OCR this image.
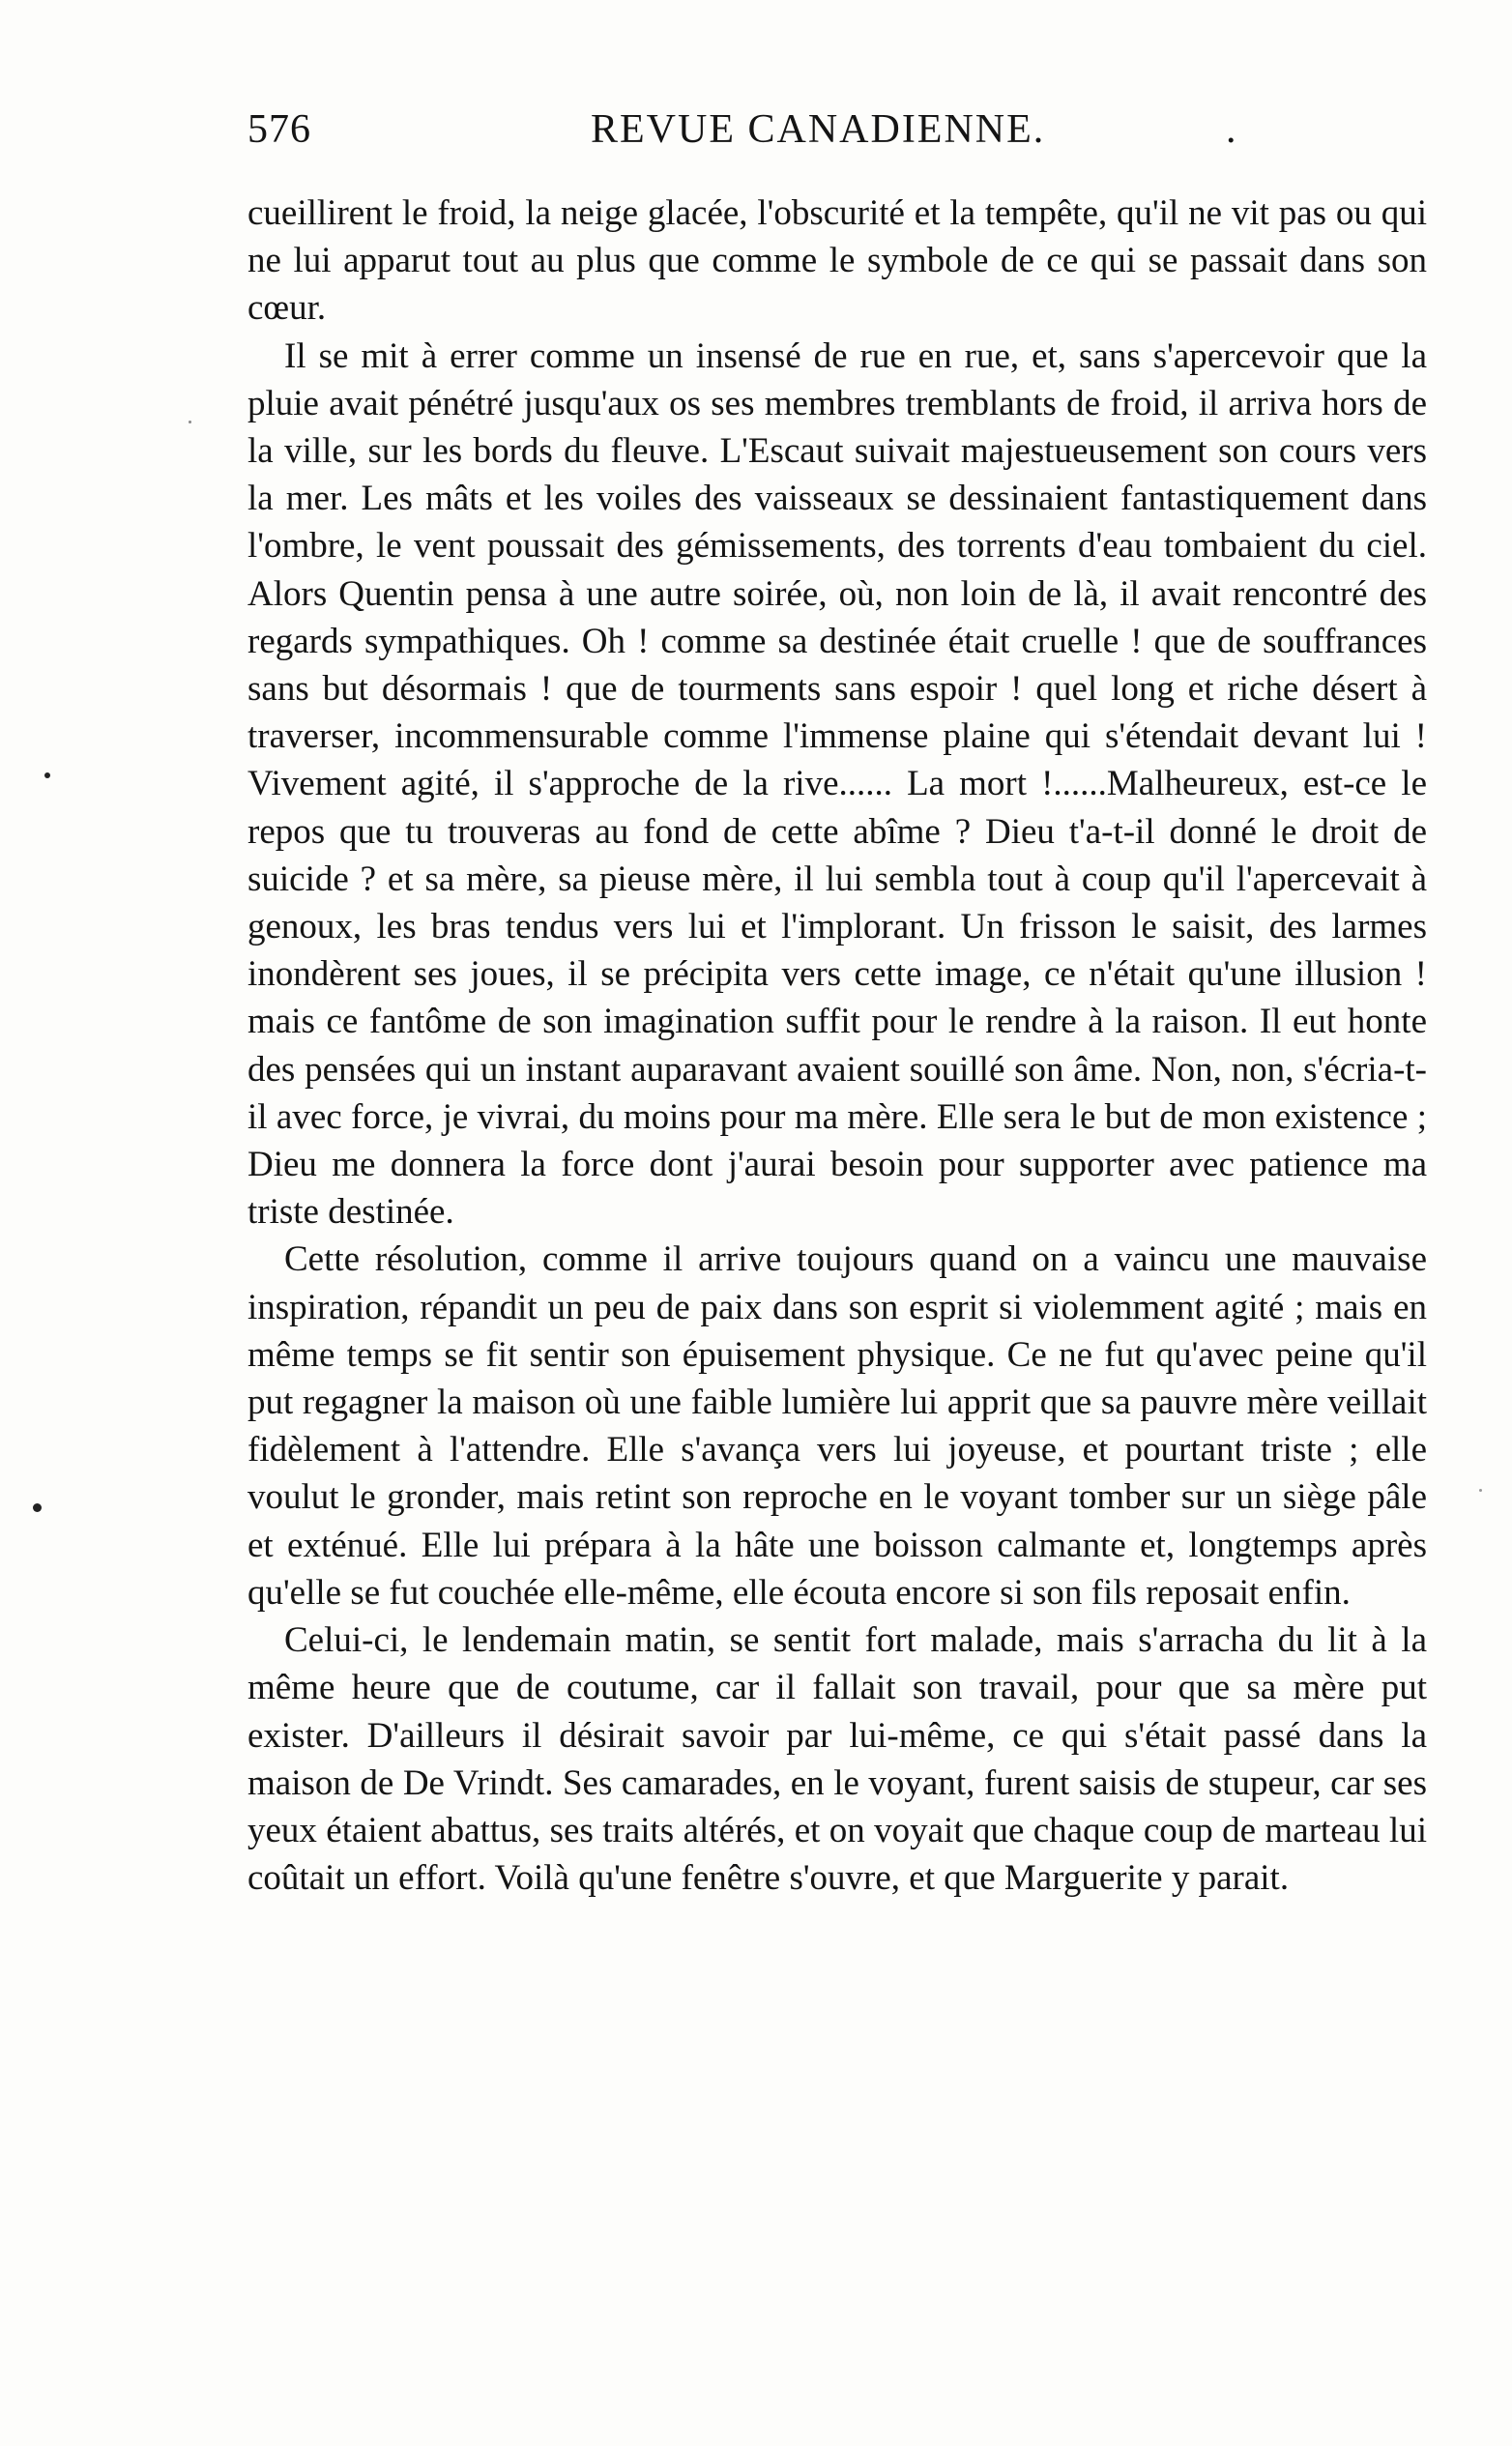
576	REVUE CANADIENNE.	.

cueillirent le froid, la neige glacée, l'obscurité et la tempête, qu'il ne vit pas ou qui ne lui apparut tout au plus que comme le symbole de ce qui se passait dans son cœur.

Il se mit à errer comme un insensé de rue en rue, et, sans s'apercevoir que la pluie avait pénétré jusqu'aux os ses membres tremblants de froid, il arriva hors de la ville, sur les bords du fleuve. L'Escaut suivait majestueusement son cours vers la mer. Les mâts et les voiles des vaisseaux se dessinaient fantastiquement dans l'ombre, le vent poussait des gémissements, des torrents d'eau tombaient du ciel. Alors Quentin pensa à une autre soirée, où, non loin de là, il avait rencontré des regards sympathiques. Oh ! comme sa destinée était cruelle ! que de souffrances sans but désormais ! que de tourments sans espoir ! quel long et riche désert à traverser, incommensurable comme l'immense plaine qui s'étendait devant lui ! Vivement agité, il s'approche de la rive...... La mort !......Malheureux, est-ce le repos que tu trouveras au fond de cette abîme ? Dieu t'a-t-il donné le droit de suicide ? et sa mère, sa pieuse mère, il lui sembla tout à coup qu'il l'apercevait à genoux, les bras tendus vers lui et l'implorant. Un frisson le saisit, des larmes inondèrent ses joues, il se précipita vers cette image, ce n'était qu'une illusion ! mais ce fantôme de son imagination suffit pour le rendre à la raison. Il eut honte des pensées qui un instant auparavant avaient souillé son âme. Non, non, s'écria-t-il avec force, je vivrai, du moins pour ma mère. Elle sera le but de mon existence ; Dieu me donnera la force dont j'aurai besoin pour supporter avec patience ma triste destinée.

Cette résolution, comme il arrive toujours quand on a vaincu une mauvaise inspiration, répandit un peu de paix dans son esprit si violemment agité ; mais en même temps se fit sentir son épuisement physique. Ce ne fut qu'avec peine qu'il put regagner la maison où une faible lumière lui apprit que sa pauvre mère veillait fidèlement à l'attendre. Elle s'avança vers lui joyeuse, et pourtant triste ; elle voulut le gronder, mais retint son reproche en le voyant tomber sur un siège pâle et exténué. Elle lui prépara à la hâte une boisson calmante et, longtemps après qu'elle se fut couchée elle-même, elle écouta encore si son fils reposait enfin.

Celui-ci, le lendemain matin, se sentit fort malade, mais s'arracha du lit à la même heure que de coutume, car il fallait son travail, pour que sa mère put exister. D'ailleurs il désirait savoir par lui-même, ce qui s'était passé dans la maison de De Vrindt. Ses camarades, en le voyant, furent saisis de stupeur, car ses yeux étaient abattus, ses traits altérés, et on voyait que chaque coup de marteau lui coûtait un effort. Voilà qu'une fenêtre s'ouvre, et que Marguerite y parait.
